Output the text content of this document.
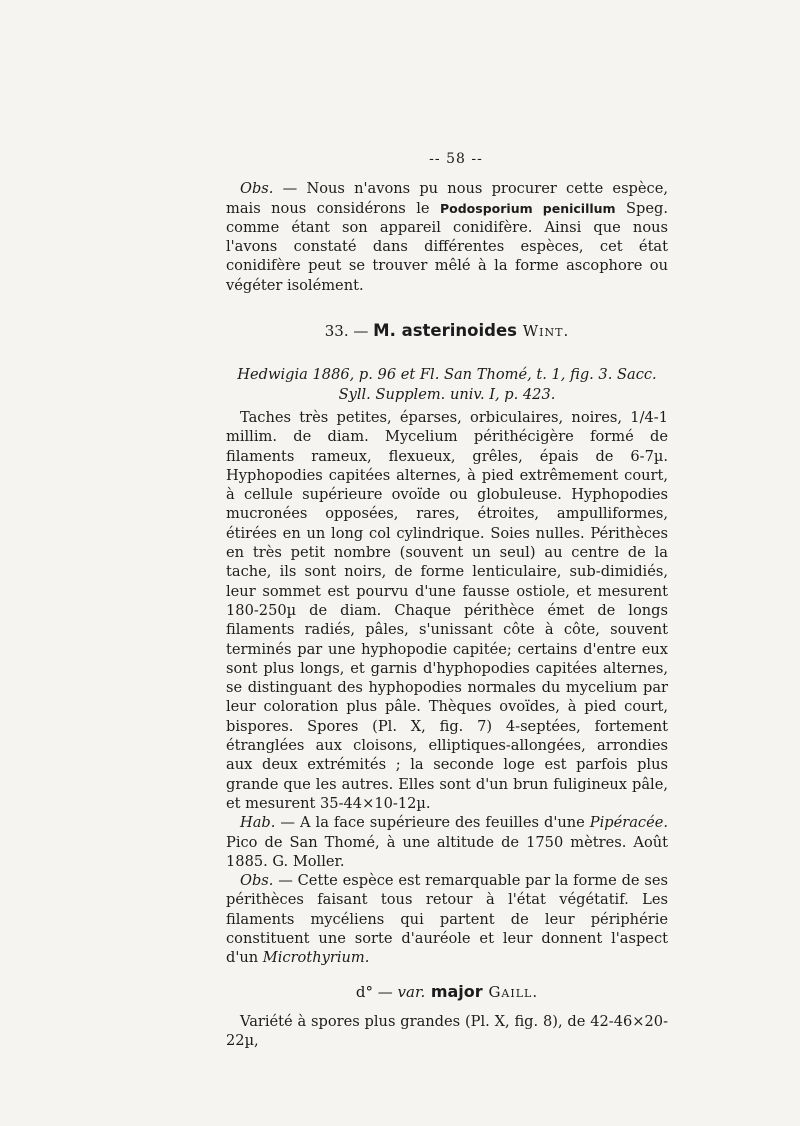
-- 58 --

Obs. — Nous n'avons pu nous procurer cette espèce, mais nous considérons le Podosporium penicillum Speg. comme étant son appareil conidifère. Ainsi que nous l'avons constaté dans différentes espèces, cet état conidifère peut se trouver mêlé à la forme ascophore ou végéter isolément.

33. — M. asterinoides Wint.

Hedwigia 1886, p. 96 et Fl. San Thomé, t. 1, fig. 3. Sacc. Syll. Supplem. univ. I, p. 423.

Taches très petites, éparses, orbiculaires, noires, 1/4-1 millim. de diam. Mycelium périthécigère formé de filaments rameux, flexueux, grêles, épais de 6-7µ. Hyphopodies capitées alternes, à pied extrêmement court, à cellule supérieure ovoïde ou globuleuse. Hyphopodies mucronées opposées, rares, étroites, ampulliformes, étirées en un long col cylindrique. Soies nulles. Périthèces en très petit nombre (souvent un seul) au centre de la tache, ils sont noirs, de forme lenticulaire, sub-dimidiés, leur sommet est pourvu d'une fausse ostiole, et mesurent 180-250µ de diam. Chaque périthèce émet de longs filaments radiés, pâles, s'unissant côte à côte, souvent terminés par une hyphopodie capitée; certains d'entre eux sont plus longs, et garnis d'hyphopodies capitées alternes, se distinguant des hyphopodies normales du mycelium par leur coloration plus pâle. Thèques ovoïdes, à pied court, bispores. Spores (Pl. X, fig. 7) 4-septées, fortement étranglées aux cloisons, elliptiques-allongées, arrondies aux deux extrémités ; la seconde loge est parfois plus grande que les autres. Elles sont d'un brun fuligineux pâle, et mesurent 35-44×10-12µ.

Hab. — A la face supérieure des feuilles d'une Pipéracée. Pico de San Thomé, à une altitude de 1750 mètres. Août 1885. G. Moller.

Obs. — Cette espèce est remarquable par la forme de ses périthèces faisant tous retour à l'état végétatif. Les filaments mycéliens qui partent de leur périphérie constituent une sorte d'auréole et leur donnent l'aspect d'un Microthyrium.

d° — var. major Gaill.

Variété à spores plus grandes (Pl. X, fig. 8), de 42-46×20-22µ,
